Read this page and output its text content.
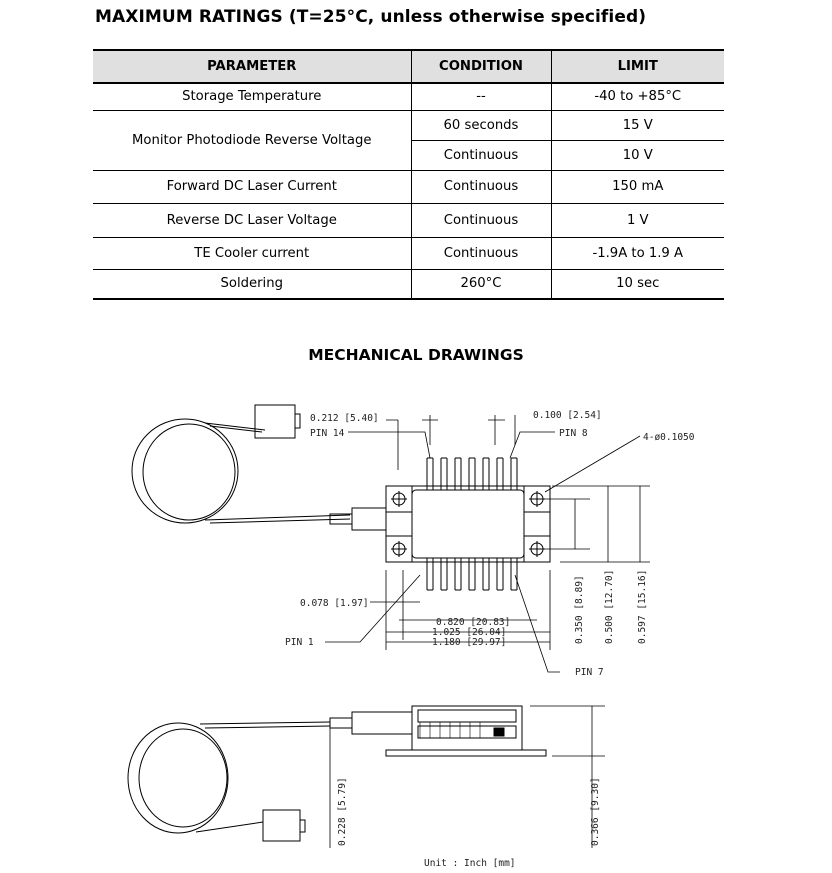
MAXIMUM RATINGS (T=25°C, unless otherwise specified)
PARAMETER	CONDITION	LIMIT
Storage Temperature	--	-40 to +85°C
Monitor Photodiode Reverse Voltage	60 seconds	15 V
	Continuous	10 V
Forward DC Laser Current	Continuous	150 mA
Reverse DC Laser Voltage	Continuous	1 V
TE Cooler current	Continuous	-1.9A to 1.9 A
Soldering	260°C	10 sec
MECHANICAL DRAWINGS
0.212 [5.40]
PIN 14
0.100 [2.54]
PIN 8	4-ø0.1050
0.078 [1.97]
0.820 [20.83]
1.025 [26.04]
1.180 [29.97]
PIN 1
PIN 7
0.350 [8.89] 0.500 [12.70] 0.597 [15.16]
0.228 [5.79]	0.366 [9.30]
Unit : Inch [mm]
